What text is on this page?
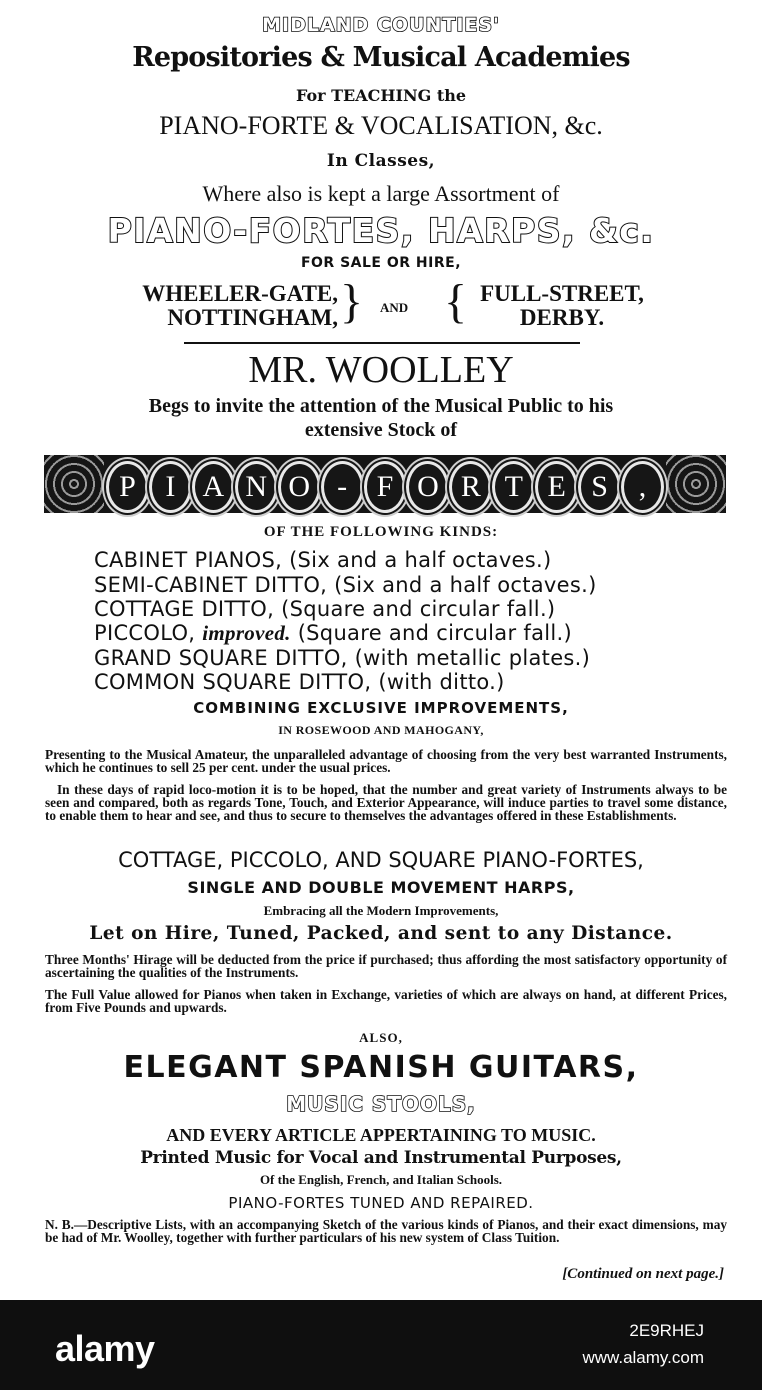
MIDLAND COUNTIES'
Repositories & Musical Academies
For TEACHING the
PIANO-FORTE & VOCALISATION, &c.
In Classes,
Where also is kept a large Assortment of
PIANO-FORTES, HARPS, &c.
FOR SALE OR HIRE,
WHEELER-GATE,
NOTTINGHAM, } AND { FULL-STREET,
DERBY.
MR. WOOLLEY
Begs to invite the attention of the Musical Public to his
extensive Stock of
P I A N O - F O R T E S	,
OF THE FOLLOWING KINDS:
CABINET PIANOS, (Six and a half octaves.)
SEMI-CABINET DITTO, (Six and a half octaves.)
COTTAGE DITTO, (Square and circular fall.)
PICCOLO, improved. (Square and circular fall.)
GRAND SQUARE DITTO, (with metallic plates.)
COMMON SQUARE DITTO, (with ditto.)
COMBINING EXCLUSIVE IMPROVEMENTS,
IN ROSEWOOD AND MAHOGANY,
Presenting to the Musical Amateur, the unparalleled advantage of choosing from the very best warranted Instruments, which he continues to sell 25 per cent. under the usual prices.
In these days of rapid loco-motion it is to be hoped, that the number and great variety of Instruments always to be seen and compared, both as regards Tone, Touch, and Exterior Appearance, will induce parties to travel some distance, to enable them to hear and see, and thus to secure to themselves the advantages offered in these Establishments.
COTTAGE, PICCOLO, AND SQUARE PIANO-FORTES,
SINGLE AND DOUBLE MOVEMENT HARPS,
Embracing all the Modern Improvements,
Let on Hire, Tuned, Packed, and sent to any Distance.
Three Months' Hirage will be deducted from the price if purchased; thus affording the most satisfactory opportunity of ascertaining the qualities of the Instruments.
The Full Value allowed for Pianos when taken in Exchange, varieties of which are always on hand, at different Prices, from Five Pounds and upwards.
ALSO,
ELEGANT SPANISH GUITARS,
MUSIC STOOLS,
AND EVERY ARTICLE APPERTAINING TO MUSIC.
Printed Music for Vocal and Instrumental Purposes,
Of the English, French, and Italian Schools.
PIANO-FORTES TUNED AND REPAIRED.
N. B.—Descriptive Lists, with an accompanying Sketch of the various kinds of Pianos, and their exact dimensions, may be had of Mr. Woolley, together with further particulars of his new system of Class Tuition.
[Continued on next page.]
alamy	2E9RHEJ
www.alamy.com
